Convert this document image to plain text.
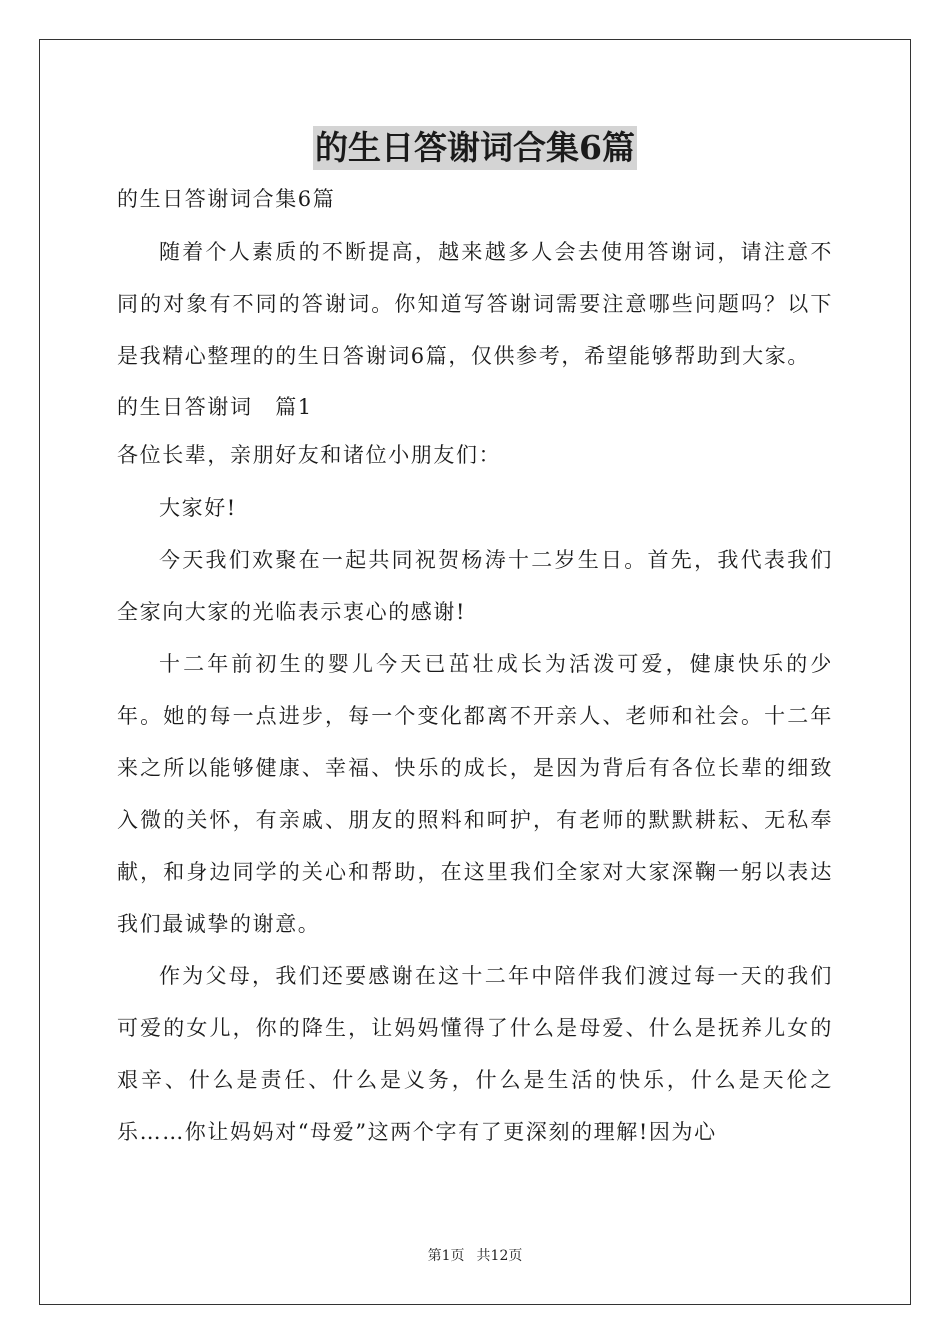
的生日答谢词合集6篇
的生日答谢词合集6篇

随着个人素质的不断提高，越来越多人会去使用答谢词，请注意不同的对象有不同的答谢词。你知道写答谢词需要注意哪些问题吗？以下是我精心整理的的生日答谢词6篇，仅供参考，希望能够帮助到大家。

的生日答谢词　篇1
各位长辈，亲朋好友和诸位小朋友们：

大家好!

今天我们欢聚在一起共同祝贺杨涛十二岁生日。首先，我代表我们全家向大家的光临表示衷心的感谢!

十二年前初生的婴儿今天已茁壮成长为活泼可爱，健康快乐的少年。她的每一点进步，每一个变化都离不开亲人、老师和社会。十二年来之所以能够健康、幸福、快乐的成长，是因为背后有各位长辈的细致入微的关怀，有亲戚、朋友的照料和呵护，有老师的默默耕耘、无私奉献，和身边同学的关心和帮助，在这里我们全家对大家深鞠一躬以表达我们最诚挚的谢意。

作为父母，我们还要感谢在这十二年中陪伴我们渡过每一天的我们可爱的女儿，你的降生，让妈妈懂得了什么是母爱、什么是抚养儿女的艰辛、什么是责任、什么是义务，什么是生活的快乐，什么是天伦之乐……你让妈妈对“母爱”这两个字有了更深刻的理解!因为心

第1页 共12页
